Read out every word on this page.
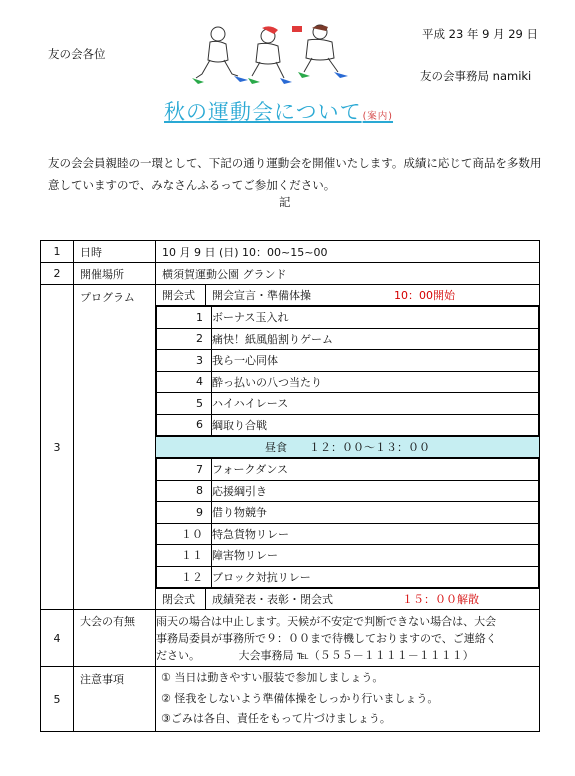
平成 23 年 9 月 29 日
友の会各位
友の会事務局 namiki
秋の運動会について(案内)
友の会会員親睦の一環として、下記の通り運動会を開催いたします。成績に応じて商品を多数用意していますので、みなさんふるってご参加ください。
記
1	日時	10 月 9 日 (日) 10：00~15~00
2	開催場所	横須賀運動公園 グランド
3	プログラム	開会式	開会宣言・準備体操	10：00開始

1	ボーナス玉入れ
2	痛快！紙風船割りゲーム
3	我ら一心同体
4	酔っ払いの八つ当たり
5	ハイハイレース
6	綱取り合戦

昼食　　１２：００～１３：００

7	フォークダンス
8	応援綱引き
9	借り物競争
１０	特急貨物リレー
１１	障害物リレー
１２	ブロック対抗リレー

閉会式	成績発表・表彰・閉会式	１５：００解散
4	大会の有無	雨天の場合は中止します。天候が不安定で判断できない場合は、大会
事務局委員が事務所で９：００まで待機しておりますので、ご連絡く
ださい。　　　　大会事務局 ℡（５５５－１１１１－１１１１）

5	注意事項	① 当日は動きやすい服装で参加しましょう。
② 怪我をしないよう準備体操をしっかり行いましょう。
③ごみは各自、責任をもって片づけましょう。
